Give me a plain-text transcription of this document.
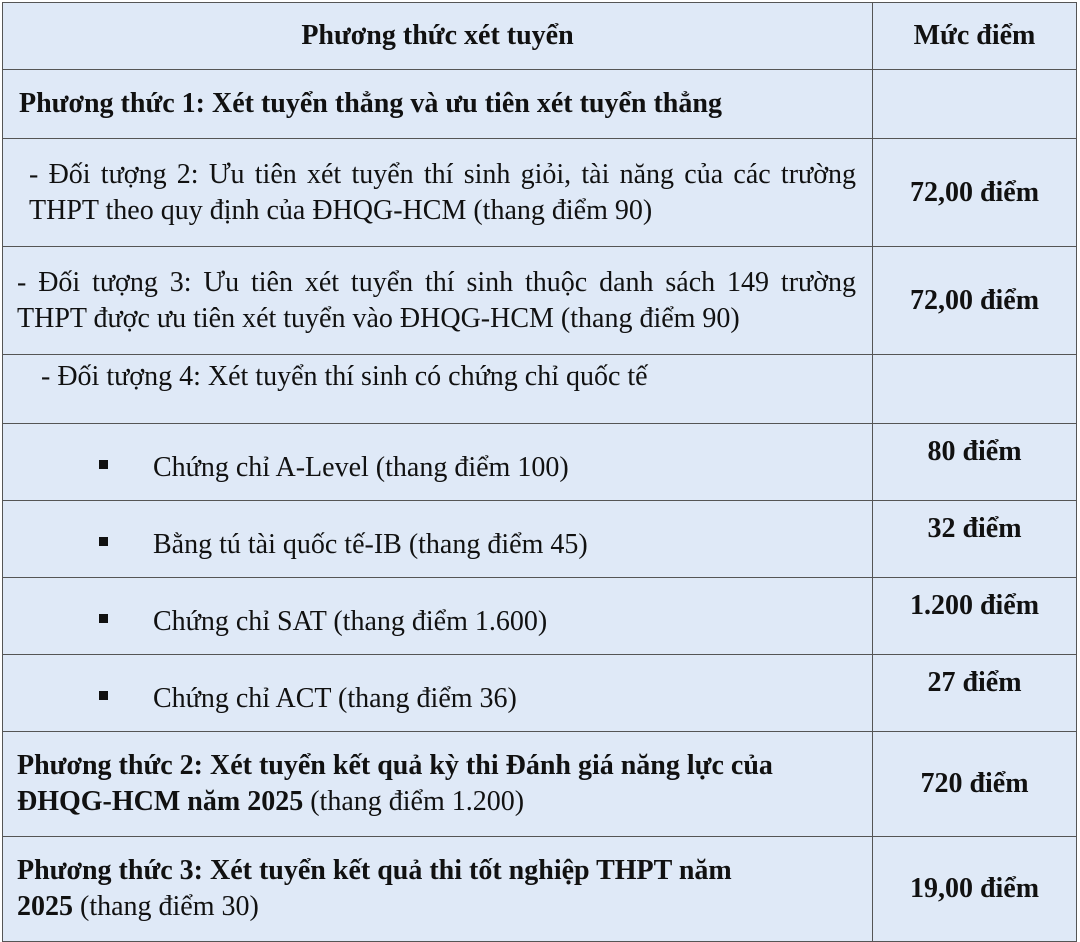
Phương thức xét tuyển	Mức điểm
Phương thức 1: Xét tuyển thẳng và ưu tiên xét tuyển thẳng	
- Đối tượng 2: Ưu tiên xét tuyển thí sinh giỏi, tài năng của các trường THPT theo quy định của ĐHQG-HCM (thang điểm 90)	72,00 điểm
- Đối tượng 3: Ưu tiên xét tuyển thí sinh thuộc danh sách 149 trường THPT được ưu tiên xét tuyển vào ĐHQG-HCM (thang điểm 90)	72,00 điểm
- Đối tượng 4: Xét tuyển thí sinh có chứng chỉ quốc tế	

Chứng chỉ A-Level (thang điểm 100)	80 điểm

Bằng tú tài quốc tế-IB (thang điểm 45)	32 điểm

Chứng chỉ SAT (thang điểm 1.600)	1.200 điểm

Chứng chỉ ACT (thang điểm 36)	27 điểm
Phương thức 2: Xét tuyển kết quả kỳ thi Đánh giá năng lực của ĐHQG-HCM năm 2025 (thang điểm 1.200)	720 điểm
Phương thức 3: Xét tuyển kết quả thi tốt nghiệp THPT năm 2025 (thang điểm 30)	19,00 điểm
